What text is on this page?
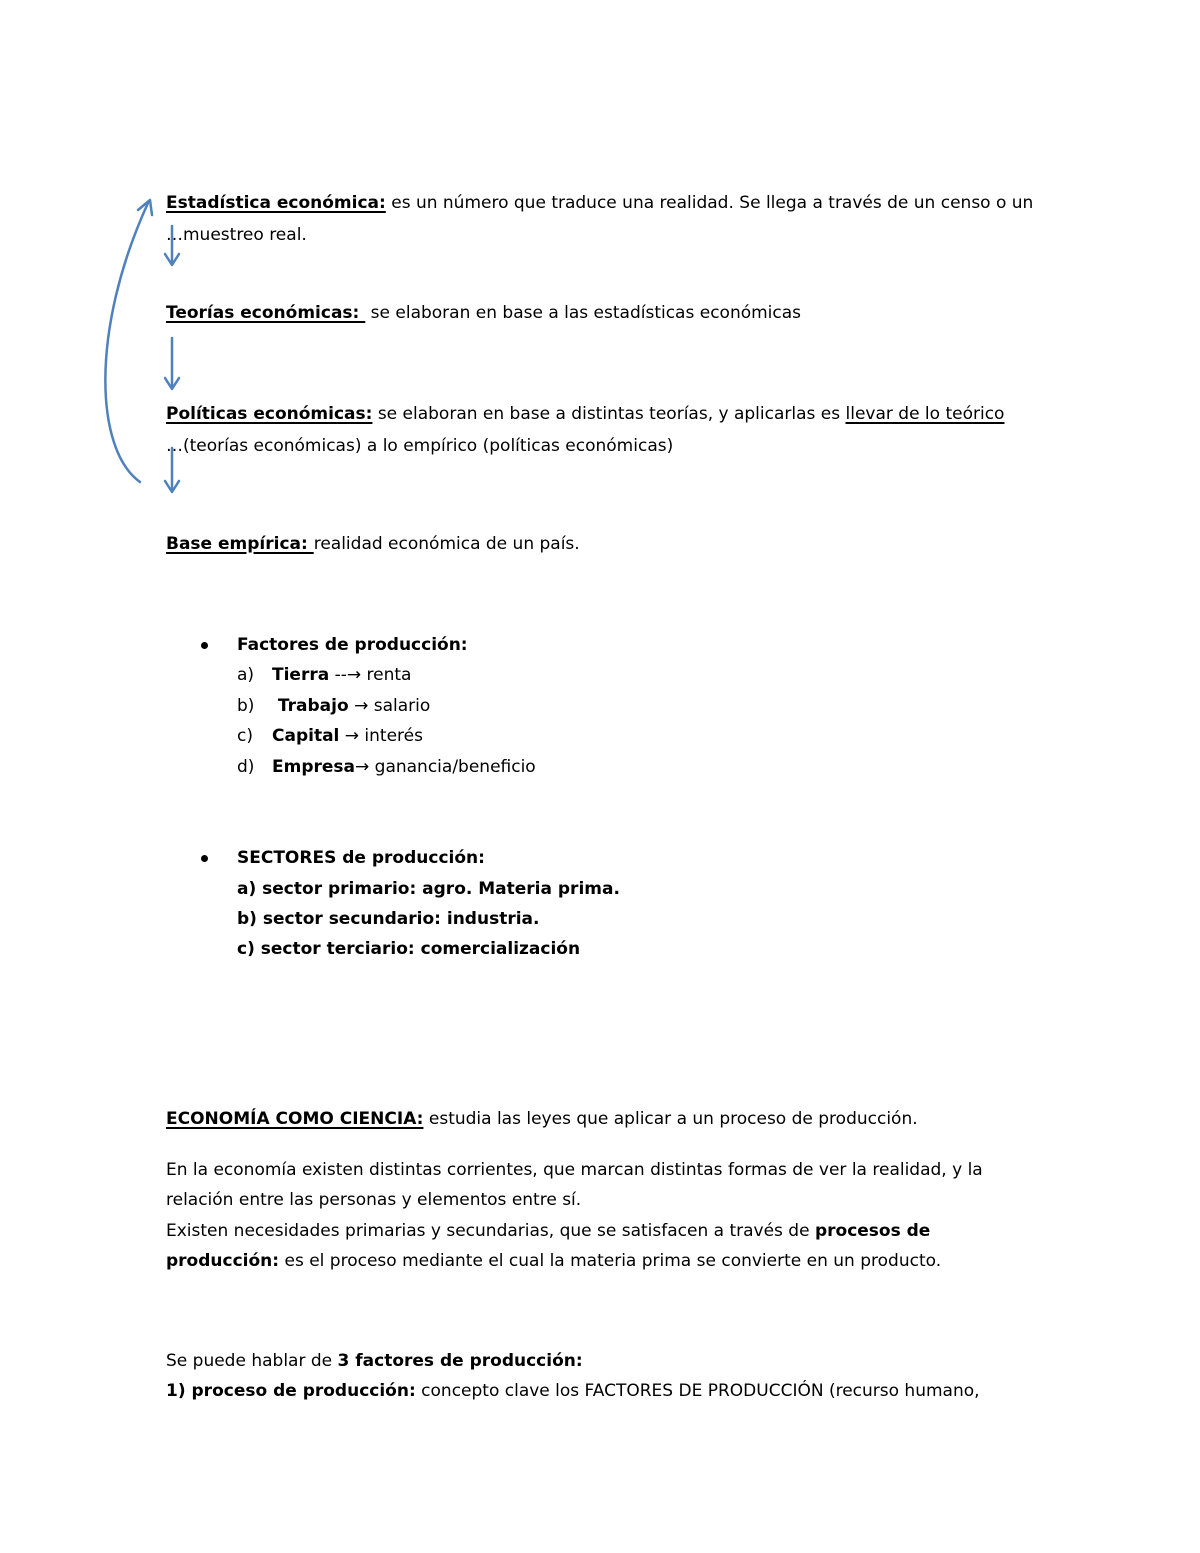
Estadística económica: es un número que traduce una realidad. Se llega a través de un censo o un
…muestreo real.
Teorías económicas:  se elaboran en base a las estadísticas económicas
Políticas económicas: se elaboran en base a distintas teorías, y aplicarlas es llevar de lo teórico
…(teorías económicas) a lo empírico (políticas económicas)
Base empírica: realidad económica de un país.
Factores de producción:
a) Tierra --→ renta
b) Trabajo → salario
c) Capital → interés
d) Empresa→ ganancia/beneficio
SECTORES de producción:
a) sector primario: agro. Materia prima.
b) sector secundario: industria.
c) sector terciario: comercialización
ECONOMÍA COMO CIENCIA: estudia las leyes que aplicar a un proceso de producción.
En la economía existen distintas corrientes, que marcan distintas formas de ver la realidad, y la
relación entre las personas y elementos entre sí.
Existen necesidades primarias y secundarias, que se satisfacen a través de procesos de
producción: es el proceso mediante el cual la materia prima se convierte en un producto.
Se puede hablar de 3 factores de producción:
1) proceso de producción: concepto clave los FACTORES DE PRODUCCIÓN (recurso humano,
